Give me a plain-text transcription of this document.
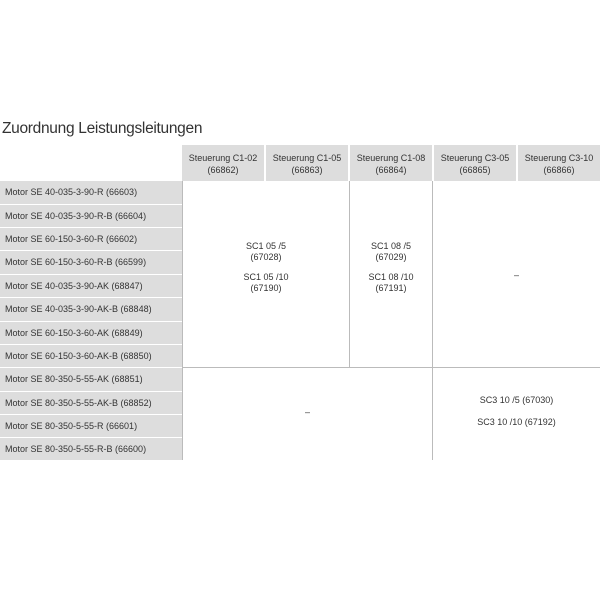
Zuordnung Leistungsleitungen
Steuerung C1-02
(66862)
Steuerung C1-05
(66863)
Steuerung C1-08
(66864)
Steuerung C3-05
(66865)
Steuerung C3-10
(66866)
Motor SE 40-035-3-90-R (66603)
Motor SE 40-035-3-90-R-B (66604)
Motor SE 60-150-3-60-R (66602)
Motor SE 60-150-3-60-R-B (66599)
Motor SE 40-035-3-90-AK (68847)
Motor SE 40-035-3-90-AK-B (68848)
Motor SE 60-150-3-60-AK (68849)
Motor SE 60-150-3-60-AK-B (68850)
Motor SE 80-350-5-55-AK (68851)
Motor SE 80-350-5-55-AK-B (68852)
Motor SE 80-350-5-55-R (66601)
Motor SE 80-350-5-55-R-B (66600)
SC1 05 /5
(67028)
SC1 05 /10
(67190)
SC1 08 /5
(67029)
SC1 08 /10
(67191)
–
–
SC3 10 /5 (67030)
SC3 10 /10 (67192)
